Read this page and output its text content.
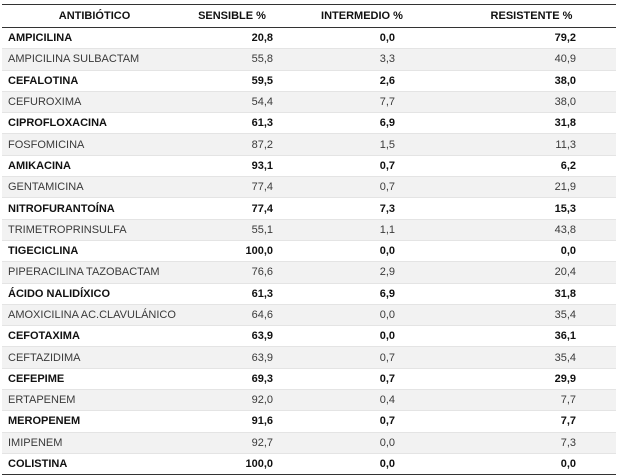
ANTIBIÓTICO	SENSIBLE %	INTERMEDIO %	RESISTENTE %
AMPICILINA	20,8	0,0	79,2
AMPICILINA SULBACTAM	55,8	3,3	40,9
CEFALOTINA	59,5	2,6	38,0
CEFUROXIMA	54,4	7,7	38,0
CIPROFLOXACINA	61,3	6,9	31,8
FOSFOMICINA	87,2	1,5	11,3
AMIKACINA	93,1	0,7	6,2
GENTAMICINA	77,4	0,7	21,9
NITROFURANTOÍNA	77,4	7,3	15,3
TRIMETROPRINSULFA	55,1	1,1	43,8
TIGECICLINA	100,0	0,0	0,0
PIPERACILINA TAZOBACTAM	76,6	2,9	20,4
ÁCIDO NALIDÍXICO	61,3	6,9	31,8
AMOXICILINA AC.CLAVULÁNICO	64,6	0,0	35,4
CEFOTAXIMA	63,9	0,0	36,1
CEFTAZIDIMA	63,9	0,7	35,4
CEFEPIME	69,3	0,7	29,9
ERTAPENEM	92,0	0,4	7,7
MEROPENEM	91,6	0,7	7,7
IMIPENEM	92,7	0,0	7,3
COLISTINA	100,0	0,0	0,0
